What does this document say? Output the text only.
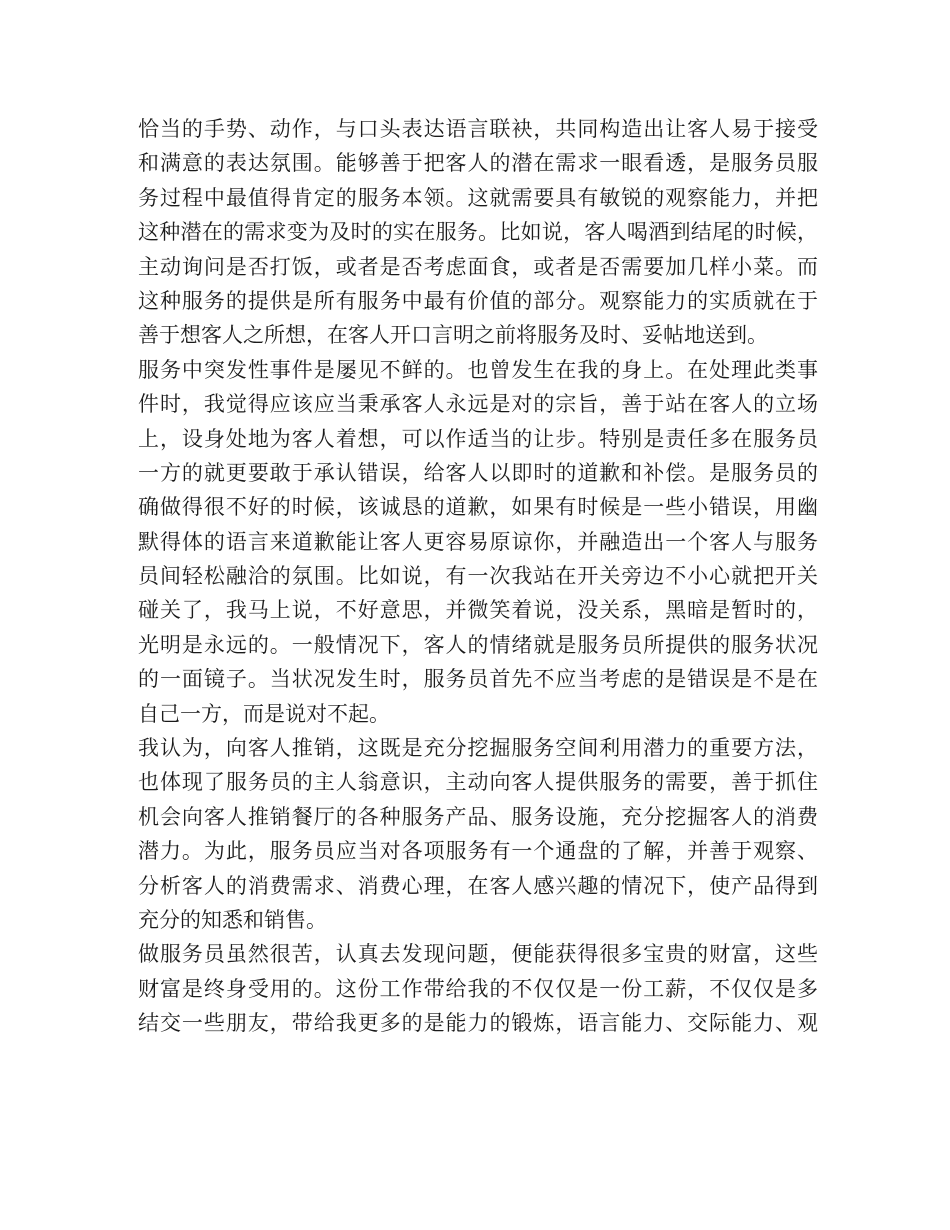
恰当的手势、动作，与口头表达语言联袂，共同构造出让客人易于接受
和满意的表达氛围。能够善于把客人的潜在需求一眼看透，是服务员服
务过程中最值得肯定的服务本领。这就需要具有敏锐的观察能力，并把
这种潜在的需求变为及时的实在服务。比如说，客人喝酒到结尾的时候，
主动询问是否打饭，或者是否考虑面食，或者是否需要加几样小菜。而
这种服务的提供是所有服务中最有价值的部分。观察能力的实质就在于
善于想客人之所想，在客人开口言明之前将服务及时、妥帖地送到。
服务中突发性事件是屡见不鲜的。也曾发生在我的身上。在处理此类事
件时，我觉得应该应当秉承客人永远是对的宗旨，善于站在客人的立场
上，设身处地为客人着想，可以作适当的让步。特别是责任多在服务员
一方的就更要敢于承认错误，给客人以即时的道歉和补偿。是服务员的
确做得很不好的时候，该诚恳的道歉，如果有时候是一些小错误，用幽
默得体的语言来道歉能让客人更容易原谅你，并融造出一个客人与服务
员间轻松融洽的氛围。比如说，有一次我站在开关旁边不小心就把开关
碰关了，我马上说，不好意思，并微笑着说，没关系，黑暗是暂时的，
光明是永远的。一般情况下，客人的情绪就是服务员所提供的服务状况
的一面镜子。当状况发生时，服务员首先不应当考虑的是错误是不是在
自己一方，而是说对不起。
我认为，向客人推销，这既是充分挖掘服务空间利用潜力的重要方法，
也体现了服务员的主人翁意识，主动向客人提供服务的需要，善于抓住
机会向客人推销餐厅的各种服务产品、服务设施，充分挖掘客人的消费
潜力。为此，服务员应当对各项服务有一个通盘的了解，并善于观察、
分析客人的消费需求、消费心理，在客人感兴趣的情况下，使产品得到
充分的知悉和销售。
做服务员虽然很苦，认真去发现问题，便能获得很多宝贵的财富，这些
财富是终身受用的。这份工作带给我的不仅仅是一份工薪，不仅仅是多
结交一些朋友，带给我更多的是能力的锻炼，语言能力、交际能力、观
